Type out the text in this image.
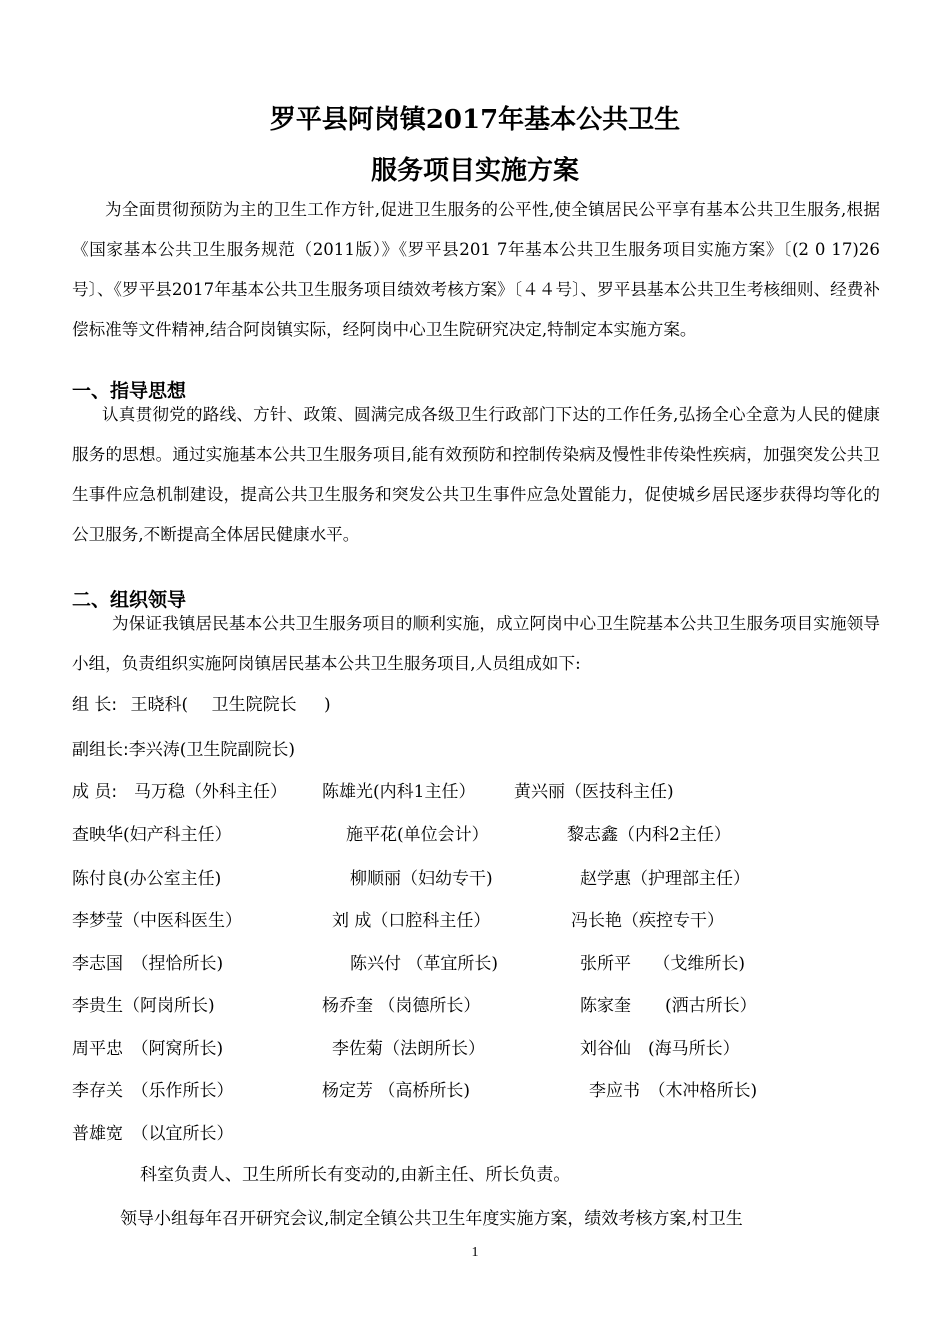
罗平县阿岗镇2017年基本公共卫生
服务项目实施方案

为全面贯彻预防为主的卫生工作方针,促进卫生服务的公平性,使全镇居民公平享有基本公共卫生服务,根据《国家基本公共卫生服务规范（2011版）》《罗平县201 7年基本公共卫生服务项目实施方案》〔(2 0 17)26号〕、《罗平县2017年基本公共卫生服务项目绩效考核方案》〔４４号〕、罗平县基本公共卫生考核细则、经费补偿标准等文件精神,结合阿岗镇实际，经阿岗中心卫生院研究决定,特制定本实施方案。

一、指导思想

认真贯彻党的路线、方针、政策、圆满完成各级卫生行政部门下达的工作任务,弘扬全心全意为人民的健康服务的思想。通过实施基本公共卫生服务项目,能有效预防和控制传染病及慢性非传染性疾病，加强突发公共卫生事件应急机制建设，提高公共卫生服务和突发公共卫生事件应急处置能力，促使城乡居民逐步获得均等化的公卫服务,不断提高全体居民健康水平。

二、组织领导

为保证我镇居民基本公共卫生服务项目的顺利实施，成立阿岗中心卫生院基本公共卫生服务项目实施领导小组，负责组织实施阿岗镇居民基本公共卫生服务项目,人员组成如下:

组 长: 王晓科( 卫生院院长 )
副组长:李兴涛(卫生院副院长)
成 员: 马万稳（外科主任） 陈雄光(内科1主任） 黄兴丽（医技科主任)
查映华(妇产科主任）	施平花(单位会计）	黎志鑫（内科2主任）
陈付良(办公室主任)	柳顺丽（妇幼专干)	赵学惠（护理部主任）
李梦莹（中医科医生）	刘 成（口腔科主任）	冯长艳（疾控专干）
李志国　（捏恰所长)	陈兴付 （革宜所长)	张所平　 （戈维所长)
李贵生（阿岗所长)	杨乔奎 （岗德所长）	陈家奎　　(洒古所长）
周平忠　（阿窝所长)	李佐菊（法朗所长）	刘谷仙　(海马所长）
李存关　（乐作所长）	杨定芳 （高桥所长)	李应书　（木冲格所长)
普雄宽　（以宜所长）
科室负责人、卫生所所长有变动的,由新主任、所长负责。
领导小组每年召开研究会议,制定全镇公共卫生年度实施方案，绩效考核方案,村卫生
1
